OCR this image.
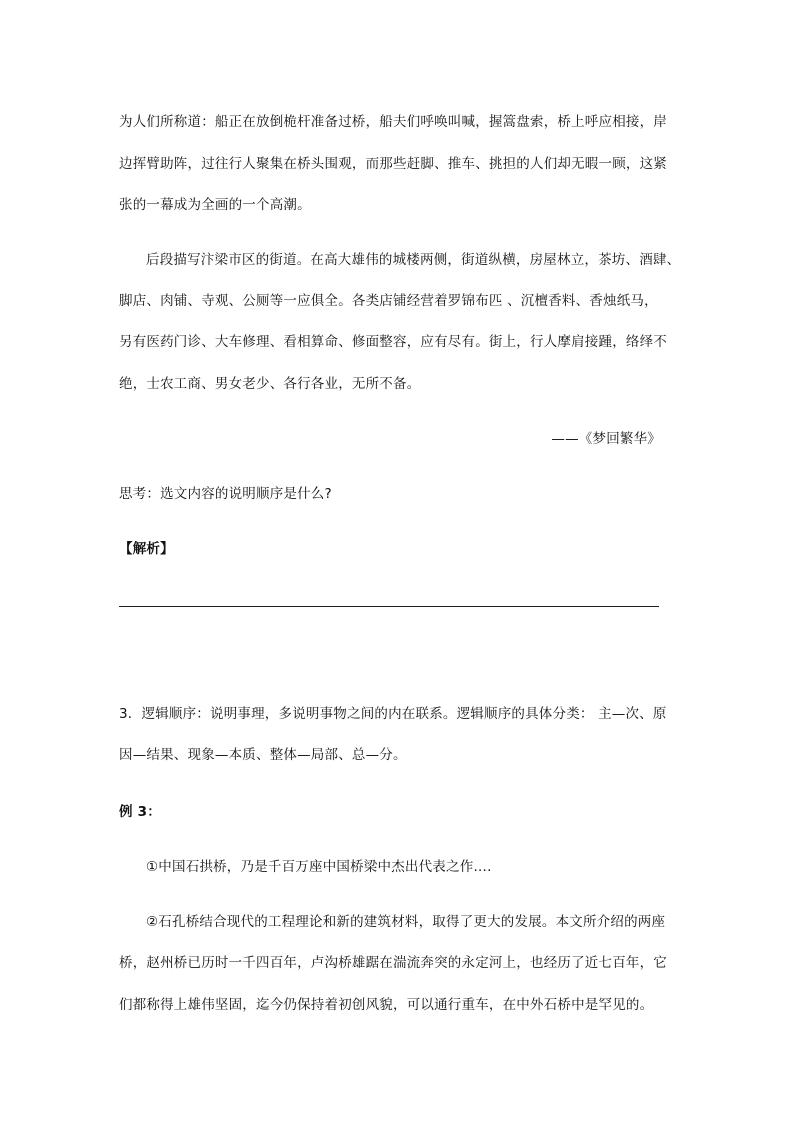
为人们所称道：船正在放倒桅杆准备过桥，船夫们呼唤叫喊，握篙盘索，桥上呼应相接，岸
边挥臂助阵，过往行人聚集在桥头围观，而那些赶脚、推车、挑担的人们却无暇一顾，这紧
张的一幕成为全画的一个高潮。
后段描写汴梁市区的街道。在高大雄伟的城楼两侧，街道纵横，房屋林立，茶坊、酒肆、
脚店、肉铺、寺观、公厕等一应俱全。各类店铺经营着罗锦布匹 、沉檀香料、香烛纸马，
另有医药门诊、大车修理、看相算命、修面整容，应有尽有。街上，行人摩肩接踵，络绎不
绝，士农工商、男女老少、各行各业，无所不备。
——《梦回繁华》
思考：选文内容的说明顺序是什么?
【解析】
3．逻辑顺序：说明事理，多说明事物之间的内在联系。逻辑顺序的具体分类： 主—次、原
因—结果、现象—本质、整体—局部、总—分。
例 3：
①中国石拱桥，乃是千百万座中国桥梁中杰出代表之作….
②石孔桥结合现代的工程理论和新的建筑材料，取得了更大的发展。本文所介绍的两座
桥，赵州桥已历时一千四百年，卢沟桥雄踞在湍流奔突的永定河上，也经历了近七百年，它
们都称得上雄伟坚固，迄今仍保持着初创风貌，可以通行重车，在中外石桥中是罕见的。
